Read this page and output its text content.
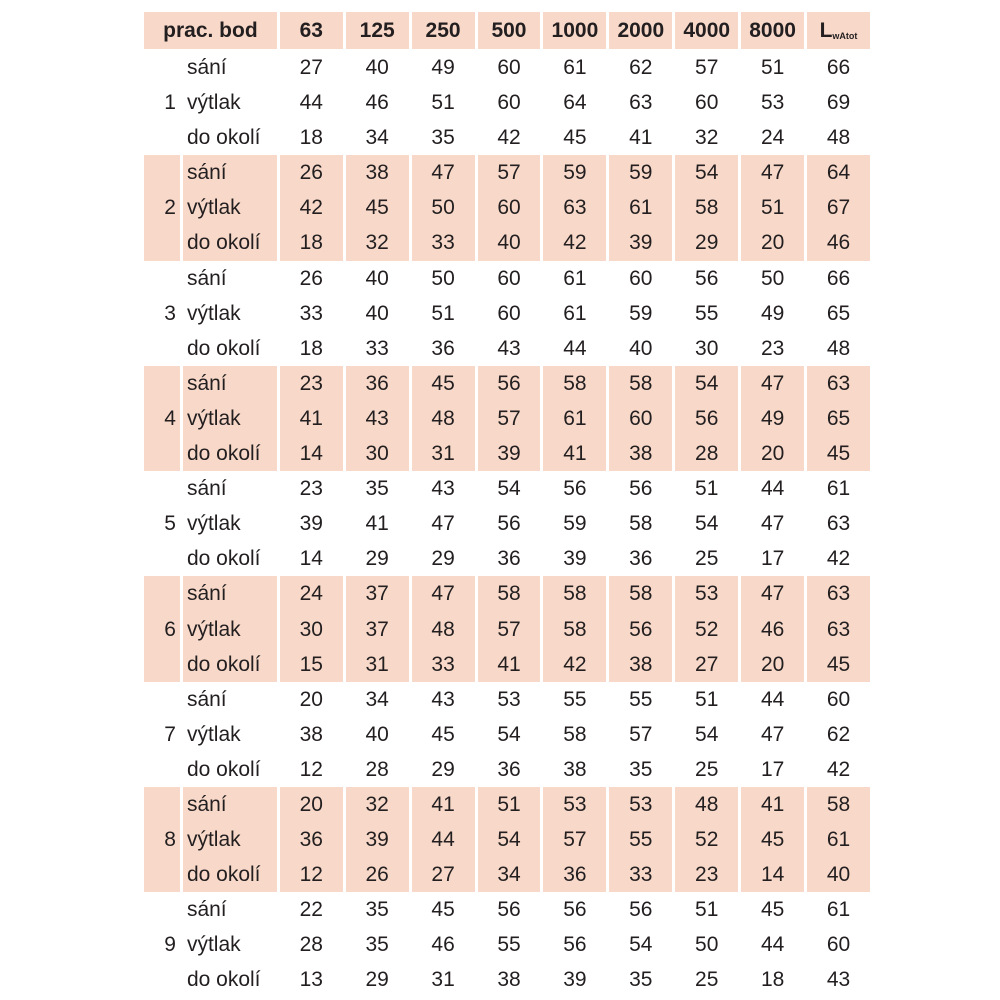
prac. bod	63	125	250	500	1000 2000 4000 8000	LwAtot
sání	27	40	49	60	61	62	57	51	66
1 výtlak	44	46	51	60	64	63	60	53	69
do okolí	18	34	35	42	45	41	32	24	48
sání	26	38	47	57	59	59	54	47	64
2 výtlak	42	45	50	60	63	61	58	51	67
do okolí	18	32	33	40	42	39	29	20	46
sání	26	40	50	60	61	60	56	50	66
3 výtlak	33	40	51	60	61	59	55	49	65
do okolí	18	33	36	43	44	40	30	23	48
sání	23	36	45	56	58	58	54	47	63
4 výtlak	41	43	48	57	61	60	56	49	65
do okolí	14	30	31	39	41	38	28	20	45
sání	23	35	43	54	56	56	51	44	61
5 výtlak	39	41	47	56	59	58	54	47	63
do okolí	14	29	29	36	39	36	25	17	42
sání	24	37	47	58	58	58	53	47	63
6 výtlak	30	37	48	57	58	56	52	46	63
do okolí	15	31	33	41	42	38	27	20	45
sání	20	34	43	53	55	55	51	44	60
7 výtlak	38	40	45	54	58	57	54	47	62
do okolí	12	28	29	36	38	35	25	17	42
sání	20	32	41	51	53	53	48	41	58
8 výtlak	36	39	44	54	57	55	52	45	61
do okolí	12	26	27	34	36	33	23	14	40
sání	22	35	45	56	56	56	51	45	61
9 výtlak	28	35	46	55	56	54	50	44	60
do okolí	13	29	31	38	39	35	25	18	43
